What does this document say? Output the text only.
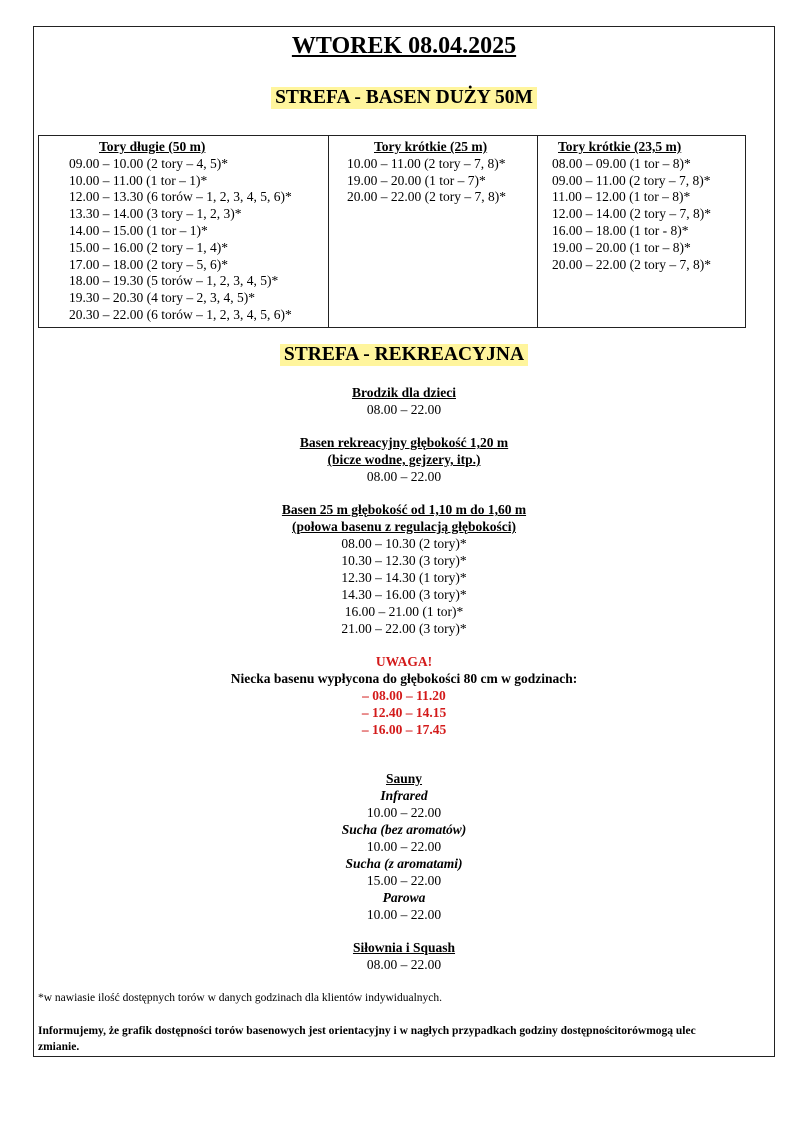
WTOREK 08.04.2025
STREFA - BASEN DUŻY 50M
Tory długie (50 m)
09.00 – 10.00 (2 tory – 4, 5)*
10.00 – 11.00 (1 tor – 1)*
12.00 – 13.30 (6 torów – 1, 2, 3, 4, 5, 6)*
13.30 – 14.00 (3 tory – 1, 2, 3)*
14.00 – 15.00 (1 tor – 1)*
15.00 – 16.00 (2 tory – 1, 4)*
17.00 – 18.00 (2 tory – 5, 6)*
18.00 – 19.30 (5 torów – 1, 2, 3, 4, 5)*
19.30 – 20.30 (4 tory – 2, 3, 4, 5)*
20.30 – 22.00 (6 torów – 1, 2, 3, 4, 5, 6)*
Tory krótkie (25 m)
10.00 – 11.00 (2 tory – 7, 8)*
19.00 – 20.00 (1 tor – 7)*
20.00 – 22.00 (2 tory – 7, 8)*
Tory krótkie (23,5 m)
08.00 – 09.00 (1 tor – 8)*
09.00 – 11.00 (2 tory – 7, 8)*
11.00 – 12.00 (1 tor – 8)*
12.00 – 14.00 (2 tory – 7, 8)*
16.00 – 18.00 (1 tor - 8)*
19.00 – 20.00 (1 tor – 8)*
20.00 – 22.00 (2 tory – 7, 8)*
STREFA - REKREACYJNA
Brodzik dla dzieci
08.00 – 22.00
Basen rekreacyjny głębokość 1,20 m
(bicze wodne, gejzery, itp.)
08.00 – 22.00
Basen 25 m głębokość od 1,10 m do 1,60 m
(połowa basenu z regulacją głębokości)
08.00 – 10.30 (2 tory)*
10.30 – 12.30 (3 tory)*
12.30 – 14.30 (1 tory)*
14.30 – 16.00 (3 tory)*
16.00 – 21.00 (1 tor)*
21.00 – 22.00 (3 tory)*
UWAGA!
Niecka basenu wypłycona do głębokości 80 cm w godzinach:
– 08.00 – 11.20
– 12.40 – 14.15
– 16.00 – 17.45
Sauny
Infrared
10.00 – 22.00
Sucha (bez aromatów)
10.00 – 22.00
Sucha (z aromatami)
15.00 – 22.00
Parowa
10.00 – 22.00
Siłownia i Squash
08.00 – 22.00
*w nawiasie ilość dostępnych torów w danych godzinach dla klientów indywidualnych.
Informujemy, że grafik dostępności torów basenowych jest orientacyjny i w nagłych przypadkach godziny dostępnościtorówmogą ulec zmianie.
